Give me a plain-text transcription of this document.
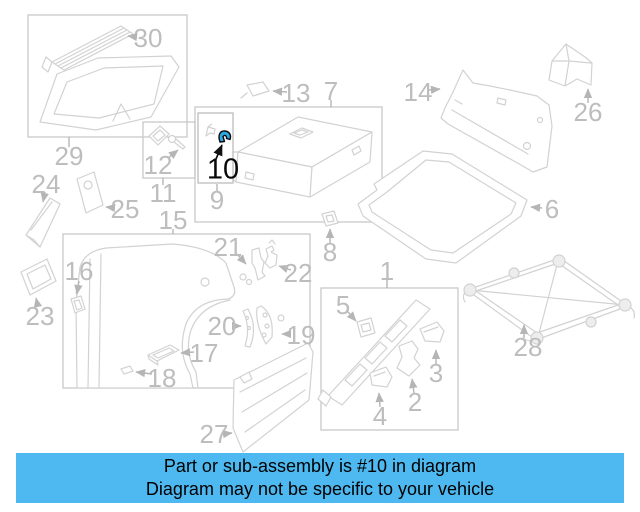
1
2
3
4
5
6
7
8
9
10
11
12
13	14
15
16
17
18
19
20
21
22
23
24
25
26
27
28
29
30
Part or sub-assembly is #10 in diagram
Diagram may not be specific to your vehicle
